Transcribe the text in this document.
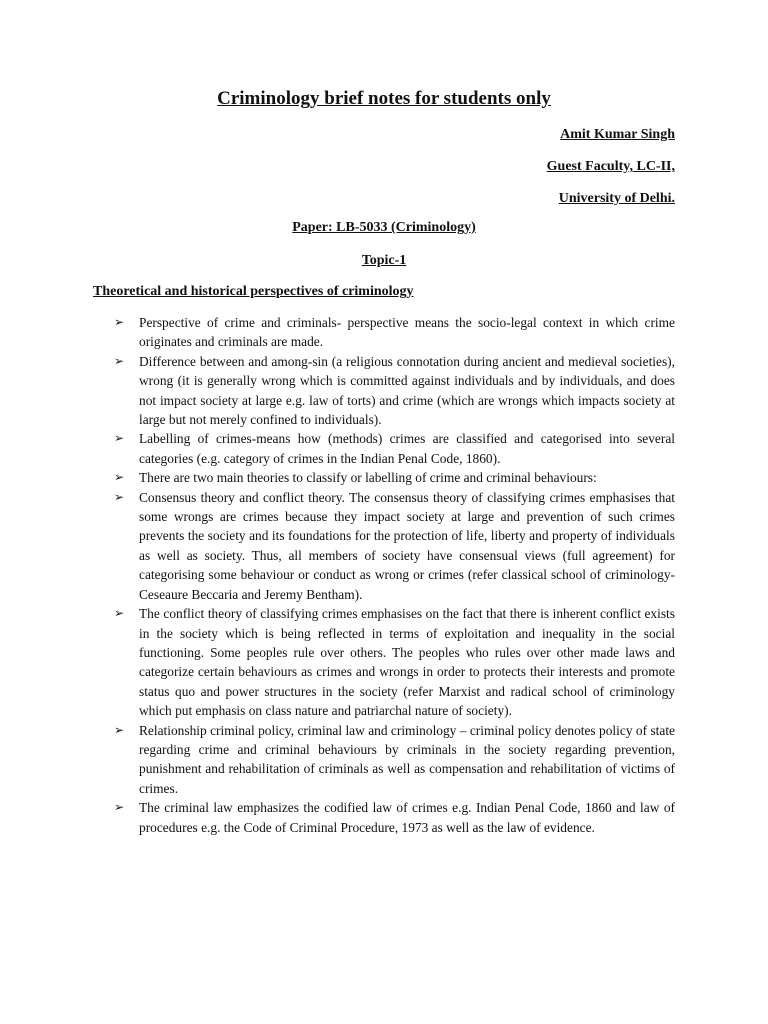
Criminology brief notes for students only
Amit Kumar Singh
Guest Faculty, LC-II,
University of Delhi.
Paper: LB-5033 (Criminology)
Topic-1
Theoretical and historical perspectives of criminology
➢ Perspective of crime and criminals- perspective means the socio-legal context in which crime originates and criminals are made.
➢ Difference between and among-sin (a religious connotation during ancient and medieval societies), wrong (it is generally wrong which is committed against individuals and by individuals, and does not impact society at large e.g. law of torts) and crime (which are wrongs which impacts society at large but not merely confined to individuals).
➢ Labelling of crimes-means how (methods) crimes are classified and categorised into several categories (e.g. category of crimes in the Indian Penal Code, 1860).
➢ There are two main theories to classify or labelling of crime and criminal behaviours:
➢ Consensus theory and conflict theory. The consensus theory of classifying crimes emphasises that some wrongs are crimes because they impact society at large and prevention of such crimes prevents the society and its foundations for the protection of life, liberty and property of individuals as well as society. Thus, all members of society have consensual views (full agreement) for categorising some behaviour or conduct as wrong or crimes (refer classical school of criminology- Ceseaure Beccaria and Jeremy Bentham).
➢ The conflict theory of classifying crimes emphasises on the fact that there is inherent conflict exists in the society which is being reflected in terms of exploitation and inequality in the social functioning. Some peoples rule over others. The peoples who rules over other made laws and categorize certain behaviours as crimes and wrongs in order to protects their interests and promote status quo and power structures in the society (refer Marxist and radical school of criminology which put emphasis on class nature and patriarchal nature of society).
➢ Relationship criminal policy, criminal law and criminology – criminal policy denotes policy of state regarding crime and criminal behaviours by criminals in the society regarding prevention, punishment and rehabilitation of criminals as well as compensation and rehabilitation of victims of crimes.
➢ The criminal law emphasizes the codified law of crimes e.g. Indian Penal Code, 1860 and law of procedures e.g. the Code of Criminal Procedure, 1973 as well as the law of evidence.
